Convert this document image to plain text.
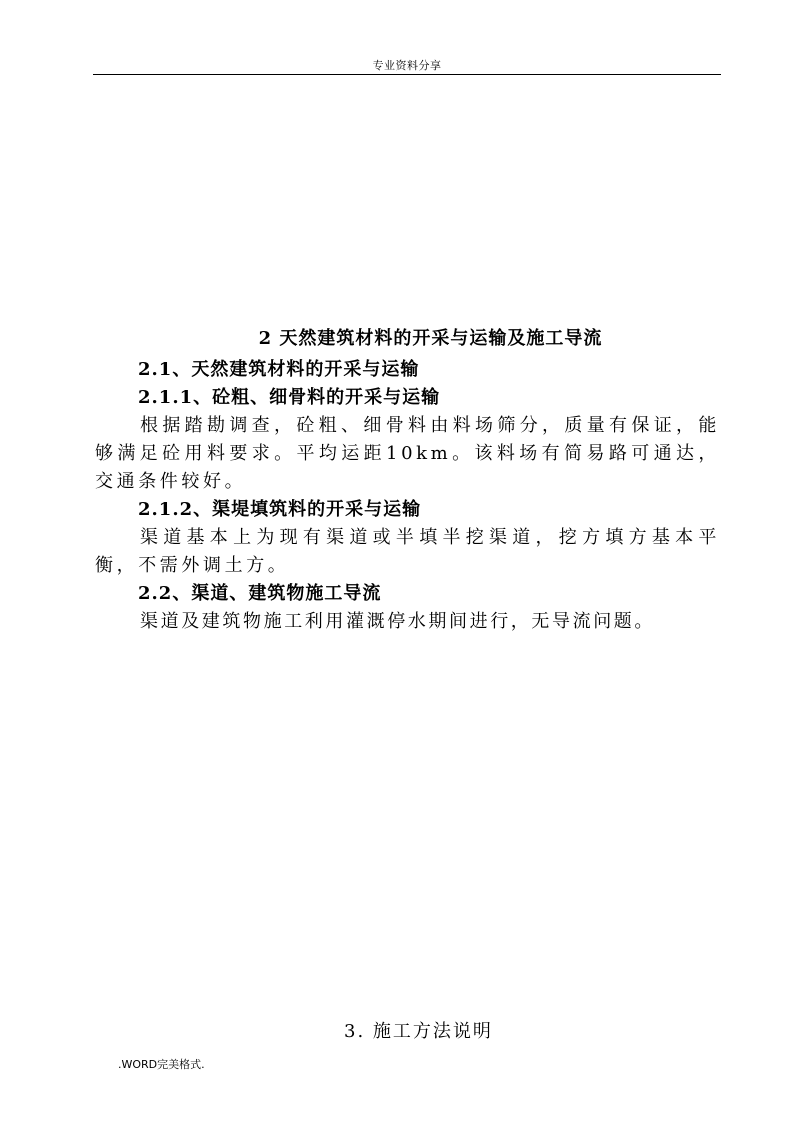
专业资料分享
2 天然建筑材料的开采与运输及施工导流
2.1、天然建筑材料的开采与运输
2.1.1、砼粗、细骨料的开采与运输
根据踏勘调查，砼粗、细骨料由料场筛分，质量有保证，能够满足砼用料要求。平均运距10km。该料场有简易路可通达，交通条件较好。
2.1.2、渠堤填筑料的开采与运输
渠道基本上为现有渠道或半填半挖渠道，挖方填方基本平衡，不需外调土方。
2.2、渠道、建筑物施工导流
渠道及建筑物施工利用灌溉停水期间进行，无导流问题。
3. 施工方法说明
.WORD完美格式.
